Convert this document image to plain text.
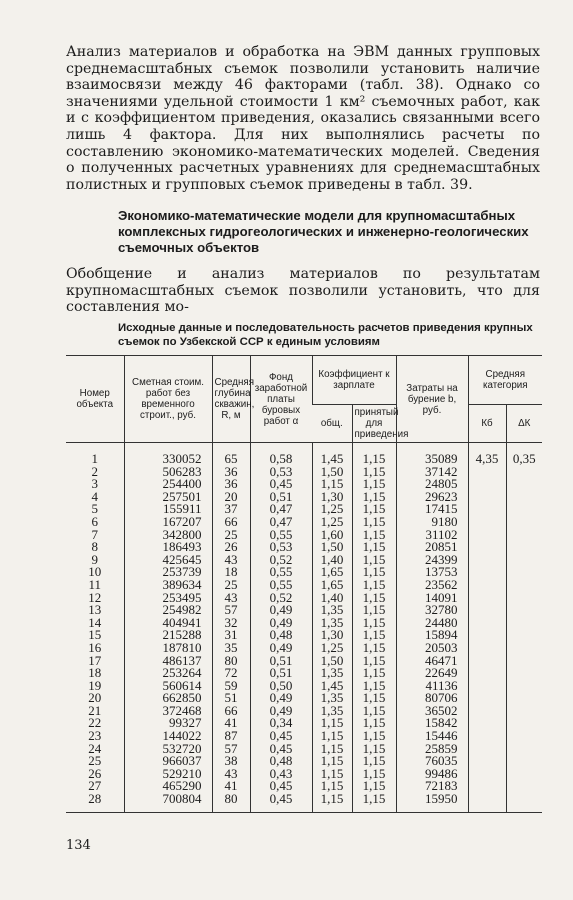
Анализ материалов и обработка на ЭВМ данных групповых среднемасштабных съемок позволили установить наличие взаимосвязи между 46 факторами (табл. 38). Однако со значениями удельной стоимости 1 км² съемочных работ, как и с коэффициентом приведения, оказались связанными всего лишь 4 фактора. Для них выполнялись расчеты по составлению экономико-математических моделей. Сведения о полученных расчетных уравнениях для среднемасштабных полистных и групповых съемок приведены в табл. 39.

Экономико-математические модели для крупномасштабных комплексных гидрогеологических и инженерно-геологических съемочных объектов

Обобщение и анализ материалов по результатам крупномасштабных съемок позволили установить, что для составления мо-

Исходные данные и последовательность расчетов приведения крупных съемок по Узбекской ССР к единым условиям

Номер объекта	Сметная стоим. работ без временного строит., руб.	Средняя глубина скважин, R, м	Фонд заработной платы буровых работ α	Коэффициент к зарплате		Затраты на бурение b, руб.	Средняя категория	
				общ.	принятый для приведения		Кб	ΔК
1	330052	65	0,58	1,45	1,15	35089	4,35	0,35
2	506283	36	0,53	1,50	1,15	37142		
3	254400	36	0,45	1,15	1,15	24805		
4	257501	20	0,51	1,30	1,15	29623		
5	155911	37	0,47	1,25	1,15	17415		
6	167207	66	0,47	1,25	1,15	9180		
7	342800	25	0,55	1,60	1,15	31102		
8	186493	26	0,53	1,50	1,15	20851		
9	425645	43	0,52	1,40	1,15	24399		
10	253739	18	0,55	1,65	1,15	13753		
11	389634	25	0,55	1,65	1,15	23562		
12	253495	43	0,52	1,40	1,15	14091		
13	254982	57	0,49	1,35	1,15	32780		
14	404941	32	0,49	1,35	1,15	24480		
15	215288	31	0,48	1,30	1,15	15894		
16	187810	35	0,49	1,25	1,15	20503		
17	486137	80	0,51	1,50	1,15	46471		
18	253264	72	0,51	1,35	1,15	22649		
19	560614	59	0,50	1,45	1,15	41136		
20	662850	51	0,49	1,35	1,15	80706		
21	372468	66	0,49	1,35	1,15	36502		
22	99327	41	0,34	1,15	1,15	15842		
23	144022	87	0,45	1,15	1,15	15446		
24	532720	57	0,45	1,15	1,15	25859		
25	966037	38	0,48	1,15	1,15	76035		
26	529210	43	0,43	1,15	1,15	99486		
27	465290	41	0,45	1,15	1,15	72183		
28	700804	80	0,45	1,15	1,15	15950		
134
